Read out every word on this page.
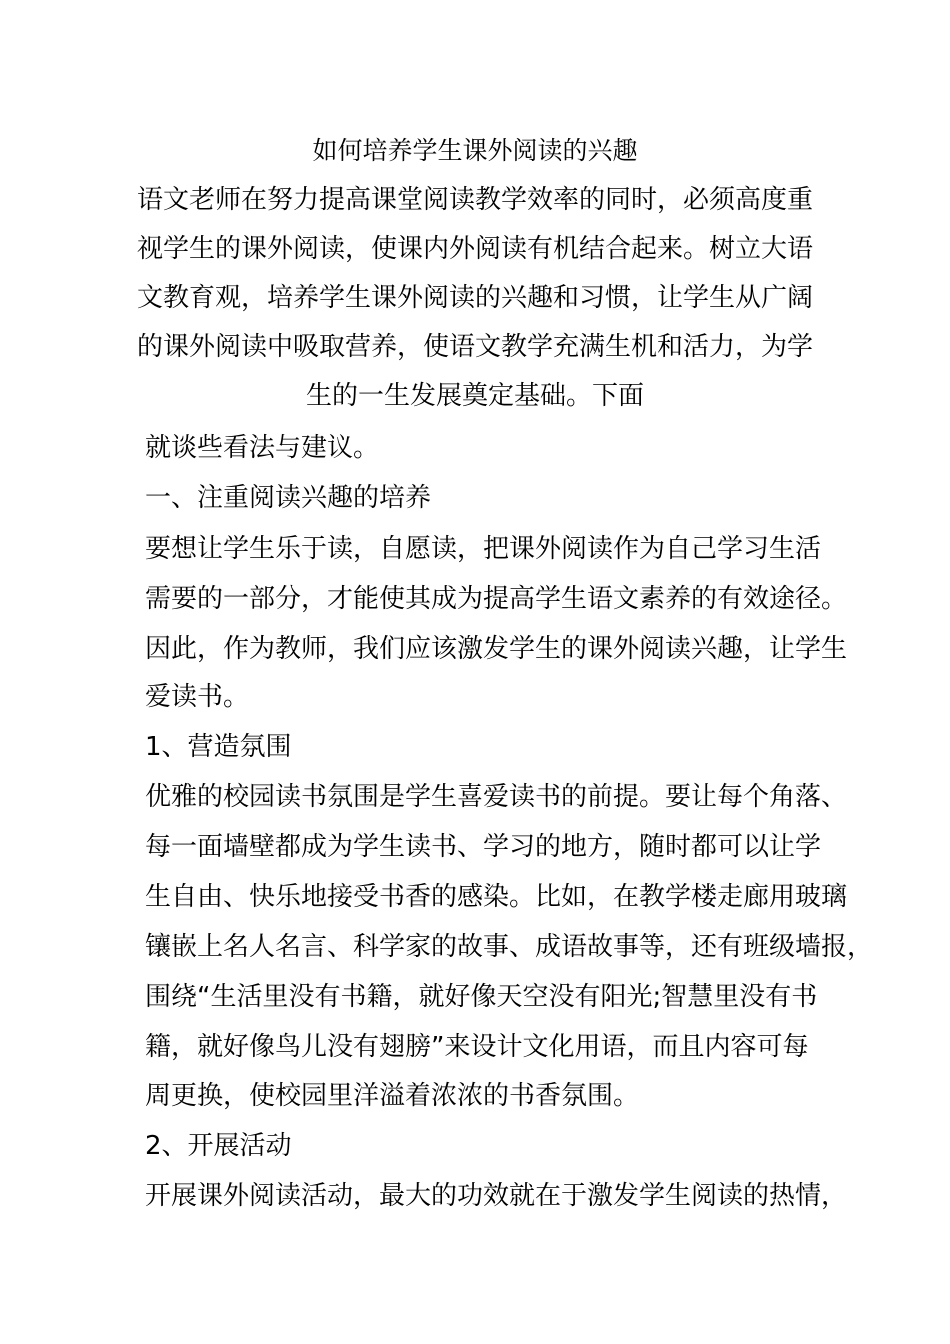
如何培养学生课外阅读的兴趣
语文老师在努力提高课堂阅读教学效率的同时，必须高度重
视学生的课外阅读，使课内外阅读有机结合起来。树立大语
文教育观，培养学生课外阅读的兴趣和习惯，让学生从广阔
的课外阅读中吸取营养，使语文教学充满生机和活力，为学
生的一生发展奠定基础。下面
就谈些看法与建议。
一、注重阅读兴趣的培养
要想让学生乐于读，自愿读，把课外阅读作为自己学习生活
需要的一部分，才能使其成为提高学生语文素养的有效途径。
因此，作为教师，我们应该激发学生的课外阅读兴趣，让学生
爱读书。
1、营造氛围
优雅的校园读书氛围是学生喜爱读书的前提。要让每个角落、
每一面墙壁都成为学生读书、学习的地方，随时都可以让学
生自由、快乐地接受书香的感染。比如，在教学楼走廊用玻璃
镶嵌上名人名言、科学家的故事、成语故事等，还有班级墙报，
围绕“生活里没有书籍，就好像天空没有阳光;智慧里没有书
籍，就好像鸟儿没有翅膀”来设计文化用语，而且内容可每
周更换，使校园里洋溢着浓浓的书香氛围。
2、开展活动
开展课外阅读活动，最大的功效就在于激发学生阅读的热情，
